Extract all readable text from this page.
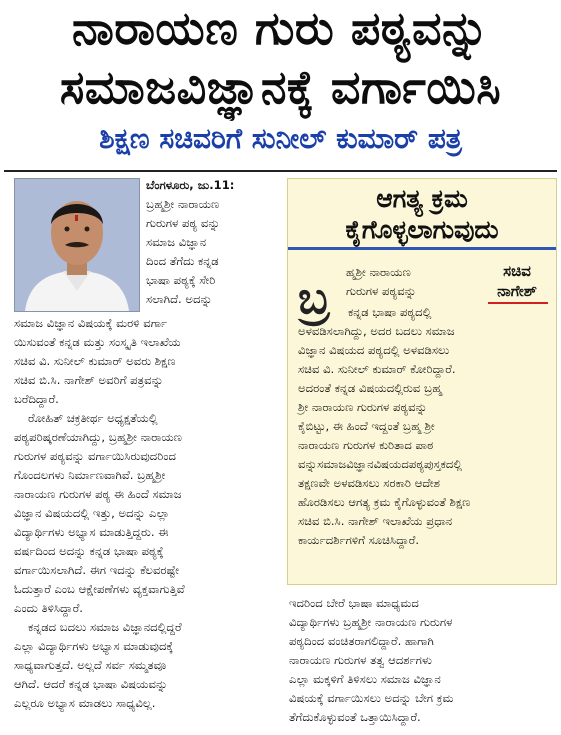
ನಾರಾಯಣ ಗುರು ಪಠ್ಯವನ್ನು
ಸಮಾಜವಿಜ್ಞಾನಕ್ಕೆ ವರ್ಗಾಯಿಸಿ
ಶಿಕ್ಷಣ ಸಚಿವರಿಗೆ ಸುನೀಲ್ ಕುಮಾರ್ ಪತ್ರ

ಬೆಂಗಳೂರು, ಜು.11:

ಬ್ರಹ್ಮಶ್ರೀ ನಾರಾಯಣ

ಗುರುಗಳ ಪಠ್ಯ ವನ್ನು

ಸಮಾಜ ವಿಜ್ಞಾನ

ದಿಂದ ತೆಗೆದು ಕನ್ನಡ

ಭಾಷಾ ಪಠ್ಯಕ್ಕೆ ಸೇರಿ

ಸಲಾಗಿದೆ. ಅದನ್ನು

ಸಮಾಜ ವಿಜ್ಞಾನ ವಿಷಯಕ್ಕೆ ಮರಳಿ ವರ್ಗಾ

ಯಿಸುವಂತೆ ಕನ್ನಡ ಮತ್ತು ಸಂಸ್ಕೃತಿ ಇಲಾಖೆಯ

ಸಚಿವ ವಿ. ಸುನೀಲ್ ಕುಮಾರ್ ಅವರು ಶಿಕ್ಷಣ

ಸಚಿವ ಬಿ.ಸಿ. ನಾಗೇಶ್ ಅವರಿಗೆ ಪತ್ರವನ್ನು

ಬರೆದಿದ್ದಾರೆ.

ರೋಹಿತ್ ಚಕ್ರತೀರ್ಥ ಅಧ್ಯಕ್ಷತೆಯಲ್ಲಿ

ಪಠ್ಯಪರಿಷ್ಕರಣೆಯಾಗಿದ್ದು, ಬ್ರಹ್ಮಶ್ರೀ ನಾರಾಯಣ

ಗುರುಗಳ ಪಠ್ಯವನ್ನು ವರ್ಗಾಯಿಸಿರುವುದರಿಂದ

ಗೊಂದಲಗಳು ನಿರ್ಮಾಣವಾಗಿವೆ. ಬ್ರಹ್ಮಶ್ರೀ

ನಾರಾಯಣ ಗುರುಗಳ ಪಠ್ಯ ಈ ಹಿಂದೆ ಸಮಾಜ

ವಿಜ್ಞಾನ ವಿಷಯದಲ್ಲಿ ಇತ್ತು, ಅದನ್ನು ಎಲ್ಲಾ

ವಿದ್ಯಾರ್ಥಿಗಳು ಅಭ್ಯಾಸ ಮಾಡುತ್ತಿದ್ದರು. ಈ

ವರ್ಷದಿಂದ ಅದನ್ನು ಕನ್ನಡ ಭಾಷಾ ಪಠ್ಯಕ್ಕೆ

ವರ್ಗಾಯಿಸಲಾಗಿದೆ. ಈಗ ಇದನ್ನು ಕೆಲವರಷ್ಟೇ

ಓದುತ್ತಾರೆ ಎಂಬ ಆಕ್ಷೇಪಣೆಗಳು ವ್ಯಕ್ತವಾಗುತ್ತಿವೆ

ಎಂದು ತಿಳಿಸಿದ್ದಾರೆ.

ಕನ್ನಡದ ಬದಲು ಸಮಾಜ ವಿಜ್ಞಾನದಲ್ಲಿದ್ದರೆ

ಎಲ್ಲಾ ವಿದ್ಯಾರ್ಥಿಗಳು ಅಭ್ಯಾಸ ಮಾಡುವುದಕ್ಕೆ

ಸಾಧ್ಯವಾಗುತ್ತದೆ. ಅಲ್ಲದೆ ಸರ್ವ ಸಮ್ಮತವೂ

ಆಗಿದೆ. ಆದರೆ ಕನ್ನಡ ಭಾಷಾ ವಿಷಯವನ್ನು

ಎಲ್ಲರೂ ಅಭ್ಯಾಸ ಮಾಡಲು ಸಾಧ್ಯವಿಲ್ಲ.

ಆಗತ್ಯ ಕ್ರಮ
ಕೈಗೊಳ್ಳಲಾಗುವುದು
ಬ್ರ
ಸಚಿವ
ನಾಗೇಶ್

ಹ್ಮಶ್ರೀ ನಾರಾಯಣ

ಗುರುಗಳ ಪಠ್ಯವನ್ನು

ಕನ್ನಡ ಭಾಷಾ ಪಠ್ಯದಲ್ಲಿ

ಅಳವಡಿಸಲಾಗಿದ್ದು, ಅದರ ಬದಲು ಸಮಾಜ

ವಿಜ್ಞಾನ ವಿಷಯದ ಪಠ್ಯದಲ್ಲಿ ಅಳವಡಿಸಲು

ಸಚಿವ ವಿ. ಸುನೀಲ್ ಕುಮಾರ್ ಕೋರಿದ್ದಾರೆ.

ಅದರಂತೆ ಕನ್ನಡ ವಿಷಯದಲ್ಲಿರುವ ಬ್ರಹ್ಮ

ಶ್ರೀ ನಾರಾಯಣ ಗುರುಗಳ ಪಠ್ಯವನ್ನು

ಕೈಬಿಟ್ಟು, ಈ ಹಿಂದೆ ಇದ್ದಂತೆ ಬ್ರಹ್ಮ ಶ್ರೀ

ನಾರಾಯಣ ಗುರುಗಳ ಕುರಿತಾದ ಪಾಠ

ವನ್ನುಸಮಾಜವಿಜ್ಞಾನವಿಷಯದಪಠ್ಯಪುಸ್ತಕದಲ್ಲಿ

ತಕ್ಷಣವೇ ಅಳವಡಿಸಲು ಸರಕಾರಿ ಆದೇಶ

ಹೊರಡಿಸಲು ಆಗತ್ಯ ಕ್ರಮ ಕೈಗೊಳ್ಳುವಂತೆ ಶಿಕ್ಷಣ

ಸಚಿವ ಬಿ.ಸಿ. ನಾಗೇಶ್ ಇಲಾಖೆಯ ಪ್ರಧಾನ

ಕಾರ್ಯದರ್ಶಿಗಳಿಗೆ ಸೂಚಿಸಿದ್ದಾರೆ.

ಇದರಿಂದ ಬೇರೆ ಭಾಷಾ ಮಾಧ್ಯಮದ

ವಿದ್ಯಾರ್ಥಿಗಳು ಬ್ರಹ್ಮಶ್ರೀ ನಾರಾಯಣ ಗುರುಗಳ

ಪಠ್ಯದಿಂದ ವಂಚಿತರಾಗಲಿದ್ದಾರೆ. ಹಾಗಾಗಿ

ನಾರಾಯಣ ಗುರುಗಳ ತತ್ವ ಆದರ್ಶಗಳು

ಎಲ್ಲಾ ಮಕ್ಕಳಿಗೆ ತಿಳಿಸಲು ಸಮಾಜ ವಿಜ್ಞಾನ

ವಿಷಯಕ್ಕೆ ವರ್ಗಾಯಿಸಲು ಅದನ್ನು ಬೇಗ ಕ್ರಮ

ತೆಗೆದುಕೊಳ್ಳುವಂತೆ ಒತ್ತಾಯಿಸಿದ್ದಾರೆ.
